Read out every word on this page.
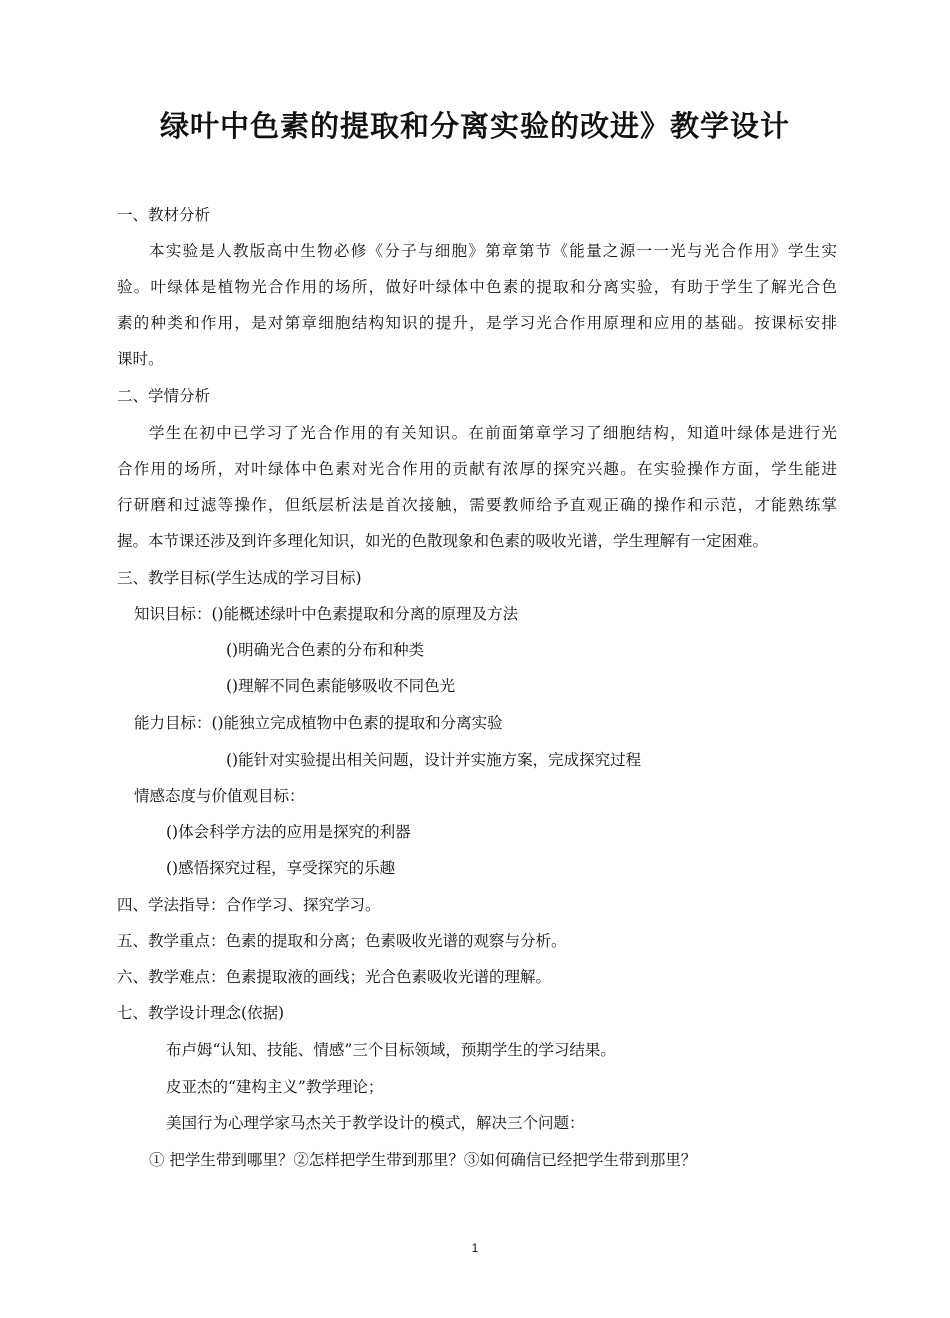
绿叶中色素的提取和分离实验的改进》教学设计
一、教材分析
本实验是人教版高中生物必修《分子与细胞》第章第节《能量之源一一光与光合作用》学生实
验。叶绿体是植物光合作用的场所，做好叶绿体中色素的提取和分离实验，有助于学生了解光合色
素的种类和作用，是对第章细胞结构知识的提升，是学习光合作用原理和应用的基础。按课标安排
课时。
二、学情分析
学生在初中已学习了光合作用的有关知识。在前面第章学习了细胞结构，知道叶绿体是进行光
合作用的场所，对叶绿体中色素对光合作用的贡献有浓厚的探究兴趣。在实验操作方面，学生能进
行研磨和过滤等操作，但纸层析法是首次接触，需要教师给予直观正确的操作和示范，才能熟练掌
握。本节课还涉及到许多理化知识，如光的色散现象和色素的吸收光谱，学生理解有一定困难。
三、教学目标(学生达成的学习目标)
知识目标：()能概述绿叶中色素提取和分离的原理及方法
()明确光合色素的分布和种类
()理解不同色素能够吸收不同色光
能力目标：()能独立完成植物中色素的提取和分离实验
()能针对实验提出相关问题，设计并实施方案，完成探究过程
情感态度与价值观目标：
()体会科学方法的应用是探究的利器
()感悟探究过程，享受探究的乐趣
四、学法指导：合作学习、探究学习。
五、教学重点：色素的提取和分离；色素吸收光谱的观察与分析。
六、教学难点：色素提取液的画线；光合色素吸收光谱的理解。
七、教学设计理念(依据)
布卢姆“认知、技能、情感”三个目标领域，预期学生的学习结果。
皮亚杰的“建构主义”教学理论；
美国行为心理学家马杰关于教学设计的模式，解决三个问题：
① 把学生带到哪里？②怎样把学生带到那里？③如何确信已经把学生带到那里？
1
